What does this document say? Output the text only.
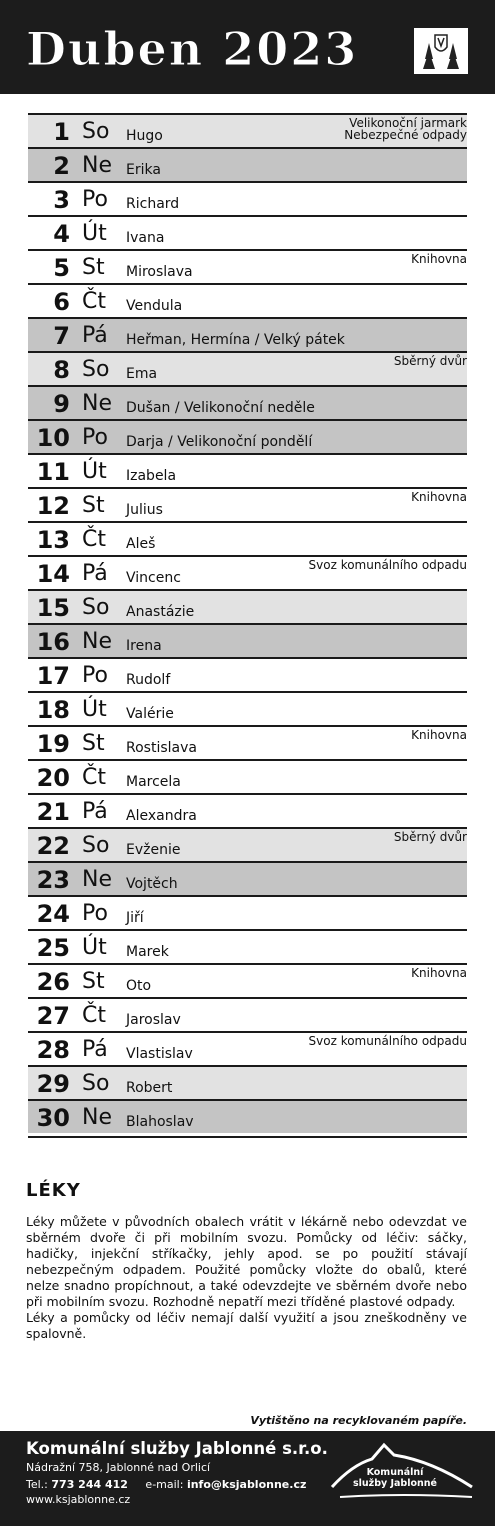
Duben 2023
1 So Hugo
Velikonoční jarmark
Nebezpečné odpady
2 Ne Erika
3 Po Richard
4 Út Ivana
5 St Miroslava
Knihovna
6 Čt Vendula
7 Pá Heřman, Hermína / Velký pátek
8 So Ema
Sběrný dvůr
9 Ne Dušan / Velikonoční neděle
10 Po Darja / Velikonoční pondělí
11 Út Izabela
12 St Julius
Knihovna
13 Čt Aleš
14 Pá Vincenc
Svoz komunálního odpadu
15 So Anastázie
16 Ne Irena
17 Po Rudolf
18 Út Valérie
19 St Rostislava
Knihovna
20 Čt Marcela
21 Pá Alexandra
22 So Evženie
Sběrný dvůr
23 Ne Vojtěch
24 Po Jiří
25 Út Marek
26 St Oto
Knihovna
27 Čt Jaroslav
28 Pá Vlastislav
Svoz komunálního odpadu
29 So Robert
30 Ne Blahoslav
LÉKY

Léky můžete v původních obalech vrátit v lékárně nebo odevzdat ve sběrném dvoře či při mobilním svozu. Pomůcky od léčiv: sáčky, hadičky, injekční stříkačky, jehly apod. se po použití stávají nebezpečným odpadem. Použité pomůcky vložte do obalů, které nelze snadno propíchnout, a také odevzdejte ve sběrném dvoře nebo při mobilním svozu. Rozhodně nepatří mezi tříděné plastové odpady.

Léky a pomůcky od léčiv nemají další využití a jsou zneškodněny ve spalovně.

Vytištěno na recyklovaném papíře.
Komunální služby Jablonné s.r.o.
Nádražní 758, Jablonné nad Orlicí
Tel.: 773 244 412 e-mail: info@ksjablonne.cz
www.ksjablonne.cz
Komunální
služby Jablonné
